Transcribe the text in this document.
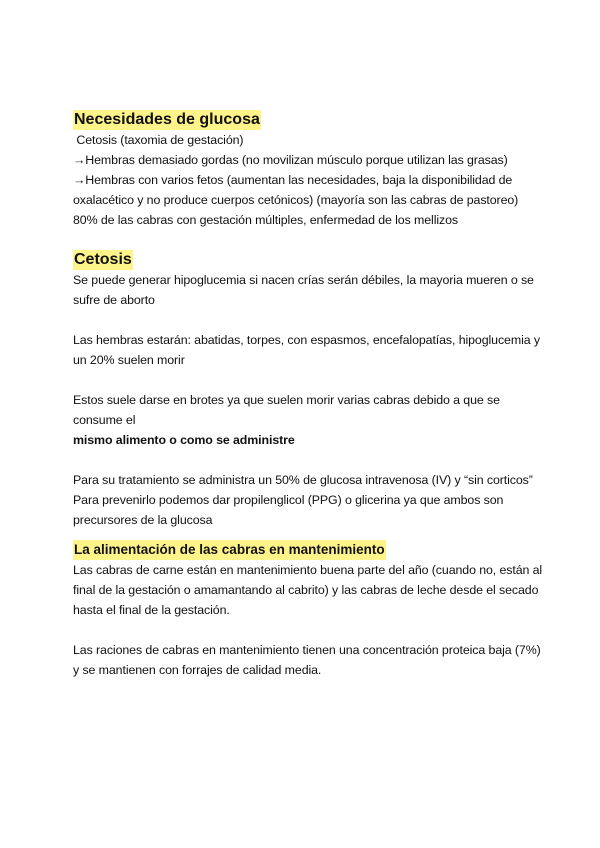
Necesidades de glucosa

Cetosis (taxomia de gestación)

→Hembras demasiado gordas (no movilizan músculo porque utilizan las grasas)

→Hembras con varios fetos (aumentan las necesidades, baja la disponibilidad de oxalacético y no produce cuerpos cetónicos) (mayoría son las cabras de pastoreo)

80% de las cabras con gestación múltiples, enfermedad de los mellizos

Cetosis

Se puede generar hipoglucemia si nacen crías serán débiles, la mayoria mueren o se sufre de aborto

Las hembras estarán: abatidas, torpes, con espasmos, encefalopatías, hipoglucemia y un 20% suelen morir

Estos suele darse en brotes ya que suelen morir varias cabras debido a que se consume el

mismo alimento o como se administre

Para su tratamiento se administra un 50% de glucosa intravenosa (IV) y “sin corticos”

Para prevenirlo podemos dar propilenglicol (PPG) o glicerina ya que ambos son precursores de la glucosa

La alimentación de las cabras en mantenimiento

Las cabras de carne están en mantenimiento buena parte del año (cuando no, están al final de la gestación o amamantando al cabrito) y las cabras de leche desde el secado hasta el final de la gestación.

Las raciones de cabras en mantenimiento tienen una concentración proteica baja (7%) y se mantienen con forrajes de calidad media.
